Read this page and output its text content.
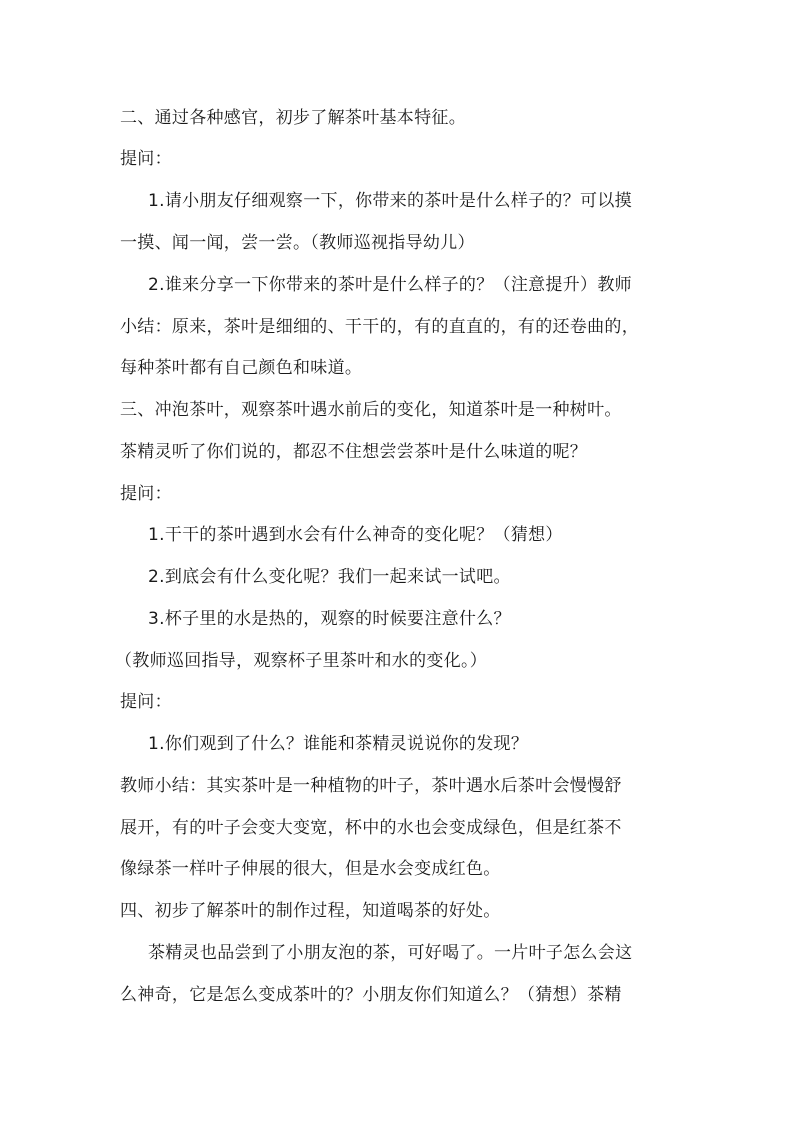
二、通过各种感官，初步了解茶叶基本特征。
提问：
1.请小朋友仔细观察一下，你带来的茶叶是什么样子的？可以摸
一摸、闻一闻，尝一尝。（教师巡视指导幼儿）
2.谁来分享一下你带来的茶叶是什么样子的？（注意提升）教师
小结：原来，茶叶是细细的、干干的，有的直直的，有的还卷曲的，
每种茶叶都有自己颜色和味道。
三、冲泡茶叶，观察茶叶遇水前后的变化，知道茶叶是一种树叶。
茶精灵听了你们说的，都忍不住想尝尝茶叶是什么味道的呢？
提问：
1.干干的茶叶遇到水会有什么神奇的变化呢？（猜想）
2.到底会有什么变化呢？我们一起来试一试吧。
3.杯子里的水是热的，观察的时候要注意什么？
（教师巡回指导，观察杯子里茶叶和水的变化。）
提问：
1.你们观到了什么？谁能和茶精灵说说你的发现？
教师小结：其实茶叶是一种植物的叶子，茶叶遇水后茶叶会慢慢舒
展开，有的叶子会变大变宽，杯中的水也会变成绿色，但是红茶不
像绿茶一样叶子伸展的很大，但是水会变成红色。
四、初步了解茶叶的制作过程，知道喝茶的好处。
茶精灵也品尝到了小朋友泡的茶，可好喝了。一片叶子怎么会这
么神奇，它是怎么变成茶叶的？小朋友你们知道么？（猜想）茶精
